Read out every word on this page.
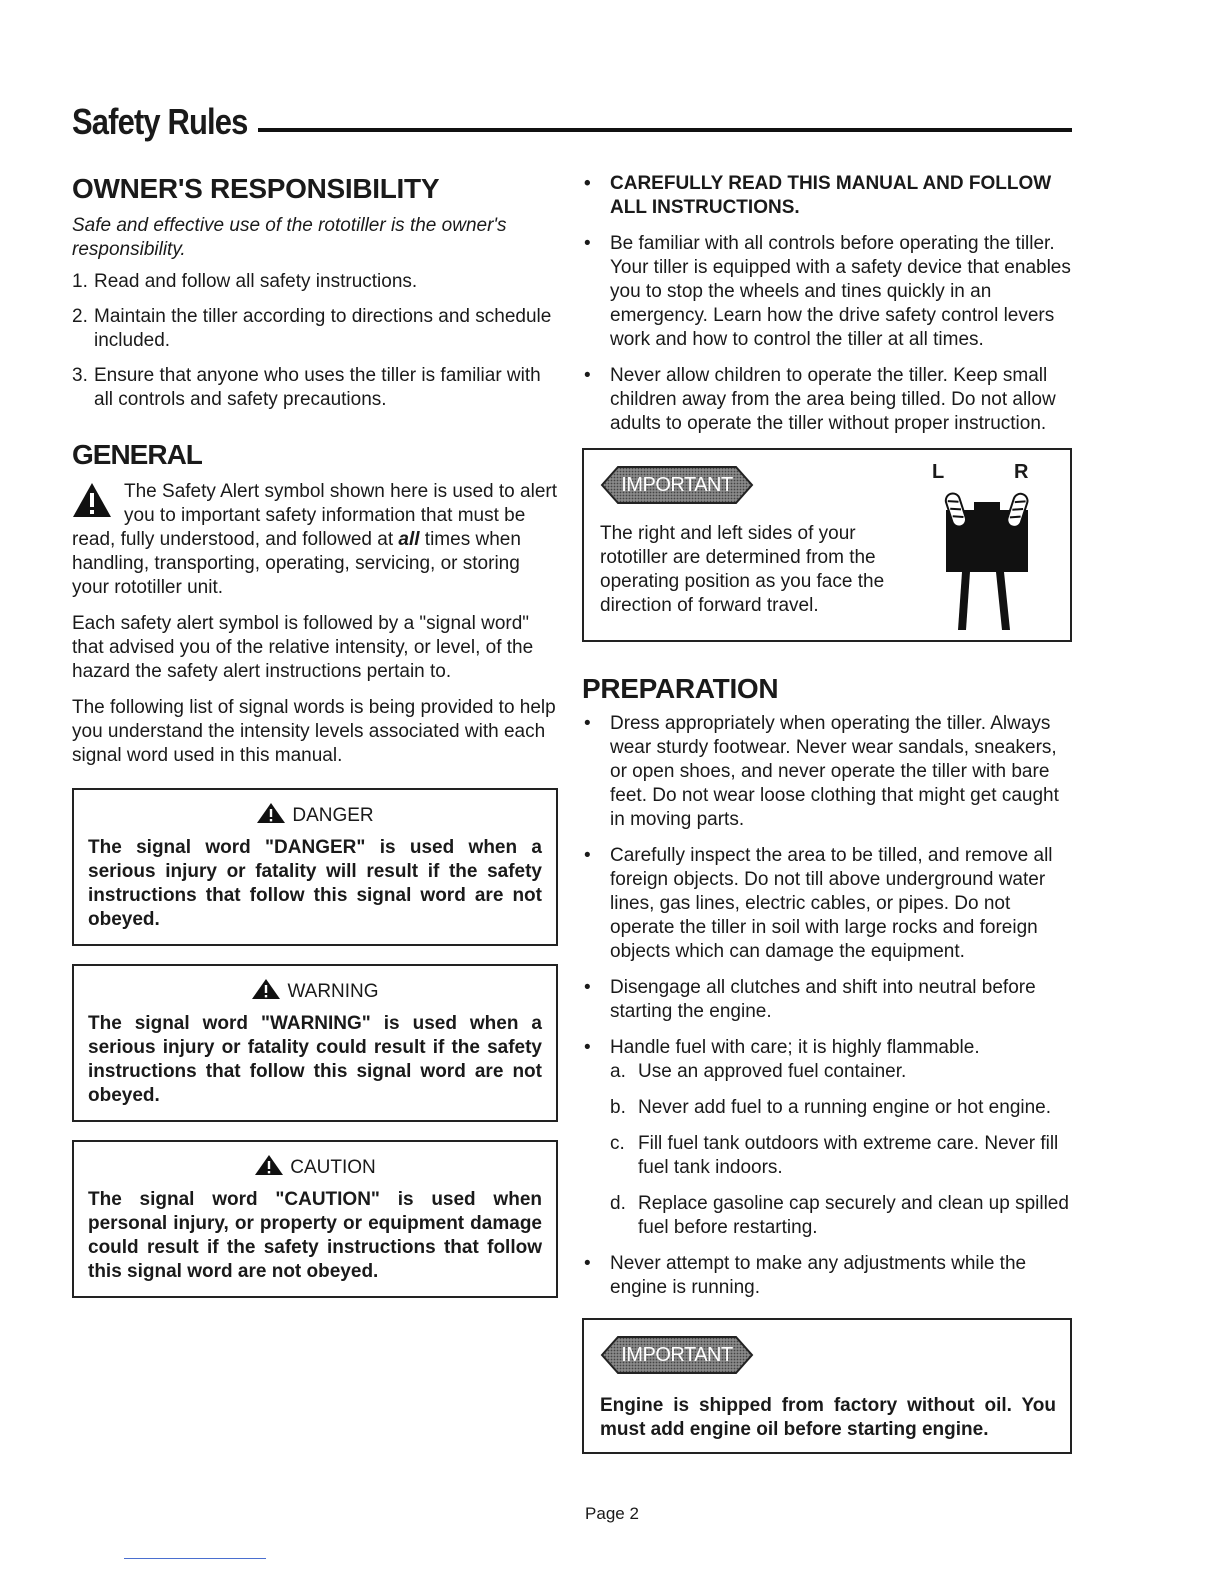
Safety Rules
OWNER'S RESPONSIBILITY

Safe and effective use of the rototiller is the owner's responsibility.

1. Read and follow all safety instructions.
2. Maintain the tiller according to directions and schedule included.
3. Ensure that anyone who uses the tiller is familiar with all controls and safety precautions.
GENERAL

The Safety Alert symbol shown here is used to alert you to important safety information that must be read, fully understood, and followed at all times when handling, transporting, operating, servicing, or storing your rototiller unit.

Each safety alert symbol is followed by a "signal word" that advised you of the relative intensity, or level, of the hazard the safety alert instructions pertain to.

The following list of signal words is being provided to help you understand the intensity levels associated with each signal word used in this manual.

DANGER
The signal word "DANGER" is used when a serious injury or fatality will result if the safety instructions that follow this signal word are not obeyed.
WARNING
The signal word "WARNING" is used when a serious injury or fatality could result if the safety instructions that follow this signal word are not obeyed.
CAUTION
The signal word "CAUTION" is used when personal injury, or property or equipment damage could result if the safety instructions that follow this signal word are not obeyed.
• CAREFULLY READ THIS MANUAL AND FOLLOW ALL INSTRUCTIONS.
• Be familiar with all controls before operating the tiller. Your tiller is equipped with a safety device that enables you to stop the wheels and tines quickly in an emergency. Learn how the drive safety control levers work and how to control the tiller at all times.
• Never allow children to operate the tiller. Keep small children away from the area being tilled. Do not allow adults to operate the tiller without proper instruction.
IMPORTANT

The right and left sides of your rototiller are determined from the operating position as you face the direction of forward travel.

L	R
PREPARATION
• Dress appropriately when operating the tiller. Always wear sturdy footwear. Never wear sandals, sneakers, or open shoes, and never operate the tiller with bare feet. Do not wear loose clothing that might get caught in moving parts.
• Carefully inspect the area to be tilled, and remove all foreign objects. Do not till above underground water lines, gas lines, electric cables, or pipes. Do not operate the tiller in soil with large rocks and foreign objects which can damage the equipment.
• Disengage all clutches and shift into neutral before starting the engine.
• Handle fuel with care; it is highly flammable.
a. Use an approved fuel container.
b. Never add fuel to a running engine or hot engine.
c. Fill fuel tank outdoors with extreme care. Never fill fuel tank indoors.
d. Replace gasoline cap securely and clean up spilled fuel before restarting.
• Never attempt to make any adjustments while the engine is running.
IMPORTANT

Engine is shipped from factory without oil. You must add engine oil before starting engine.

Page 2
